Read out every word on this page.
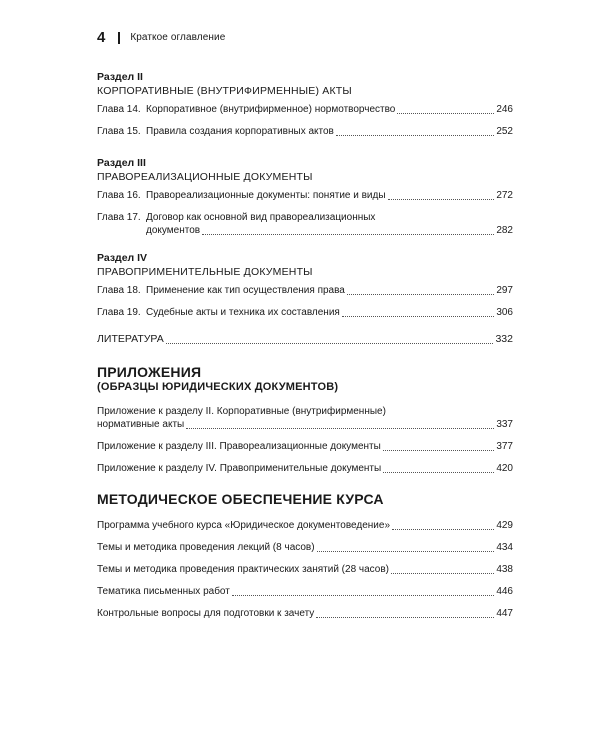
4	Краткое оглавление
Раздел II
КОРПОРАТИВНЫЕ (ВНУТРИФИРМЕННЫЕ) АКТЫ
Глава 14. Корпоративное (внутрифирменное) нормотворчество	246
Глава 15. Правила создания корпоративных актов	252
Раздел III
ПРАВОРЕАЛИЗАЦИОННЫЕ ДОКУМЕНТЫ
Глава 16. Правореализационные документы: понятие и виды	272
Глава 17. Договор как основной вид правореализационных
документов	282
Раздел IV
ПРАВОПРИМЕНИТЕЛЬНЫЕ ДОКУМЕНТЫ
Глава 18. Применение как тип осуществления права	297
Глава 19. Судебные акты и техника их составления	306
ЛИТЕРАТУРА	332
ПРИЛОЖЕНИЯ
(ОБРАЗЦЫ ЮРИДИЧЕСКИХ ДОКУМЕНТОВ)
Приложение к разделу II. Корпоративные (внутрифирменные)
нормативные акты	337
Приложение к разделу III. Правореализационные документы	377
Приложение к разделу IV. Правоприменительные документы	420
МЕТОДИЧЕСКОЕ ОБЕСПЕЧЕНИЕ КУРСА
Программа учебного курса «Юридическое документоведение»	429
Темы и методика проведения лекций (8 часов)	434
Темы и методика проведения практических занятий (28 часов)	438
Тематика письменных работ	446
Контрольные вопросы для подготовки к зачету	447
